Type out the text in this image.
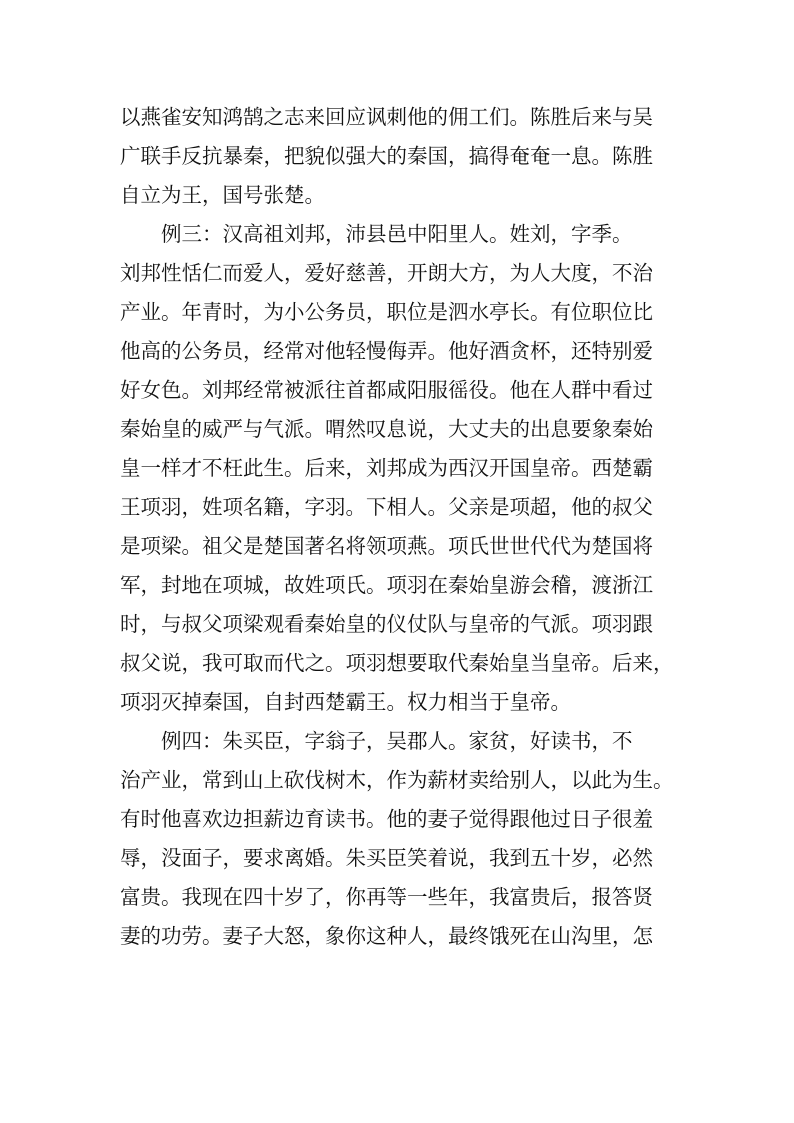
以燕雀安知鸿鹄之志来回应讽刺他的佣工们。陈胜后来与吴
广联手反抗暴秦，把貌似强大的秦国，搞得奄奄一息。陈胜
自立为王，国号张楚。
例三：汉高祖刘邦，沛县邑中阳里人。姓刘，字季。
刘邦性恬仁而爱人，爱好慈善，开朗大方，为人大度，不治
产业。年青时，为小公务员，职位是泗水亭长。有位职位比
他高的公务员，经常对他轻慢侮弄。他好酒贪杯，还特别爱
好女色。刘邦经常被派往首都咸阳服徭役。他在人群中看过
秦始皇的威严与气派。喟然叹息说，大丈夫的出息要象秦始
皇一样才不枉此生。后来，刘邦成为西汉开国皇帝。西楚霸
王项羽，姓项名籍，字羽。下相人。父亲是项超，他的叔父
是项梁。祖父是楚国著名将领项燕。项氏世世代代为楚国将
军，封地在项城，故姓项氏。项羽在秦始皇游会稽，渡浙江
时，与叔父项梁观看秦始皇的仪仗队与皇帝的气派。项羽跟
叔父说，我可取而代之。项羽想要取代秦始皇当皇帝。后来，
项羽灭掉秦国，自封西楚霸王。权力相当于皇帝。
例四：朱买臣，字翁子，吴郡人。家贫，好读书，不
治产业，常到山上砍伐树木，作为薪材卖给别人，以此为生。
有时他喜欢边担薪边育读书。他的妻子觉得跟他过日子很羞
辱，没面子，要求离婚。朱买臣笑着说，我到五十岁，必然
富贵。我现在四十岁了，你再等一些年，我富贵后，报答贤
妻的功劳。妻子大怒，象你这种人，最终饿死在山沟里，怎
